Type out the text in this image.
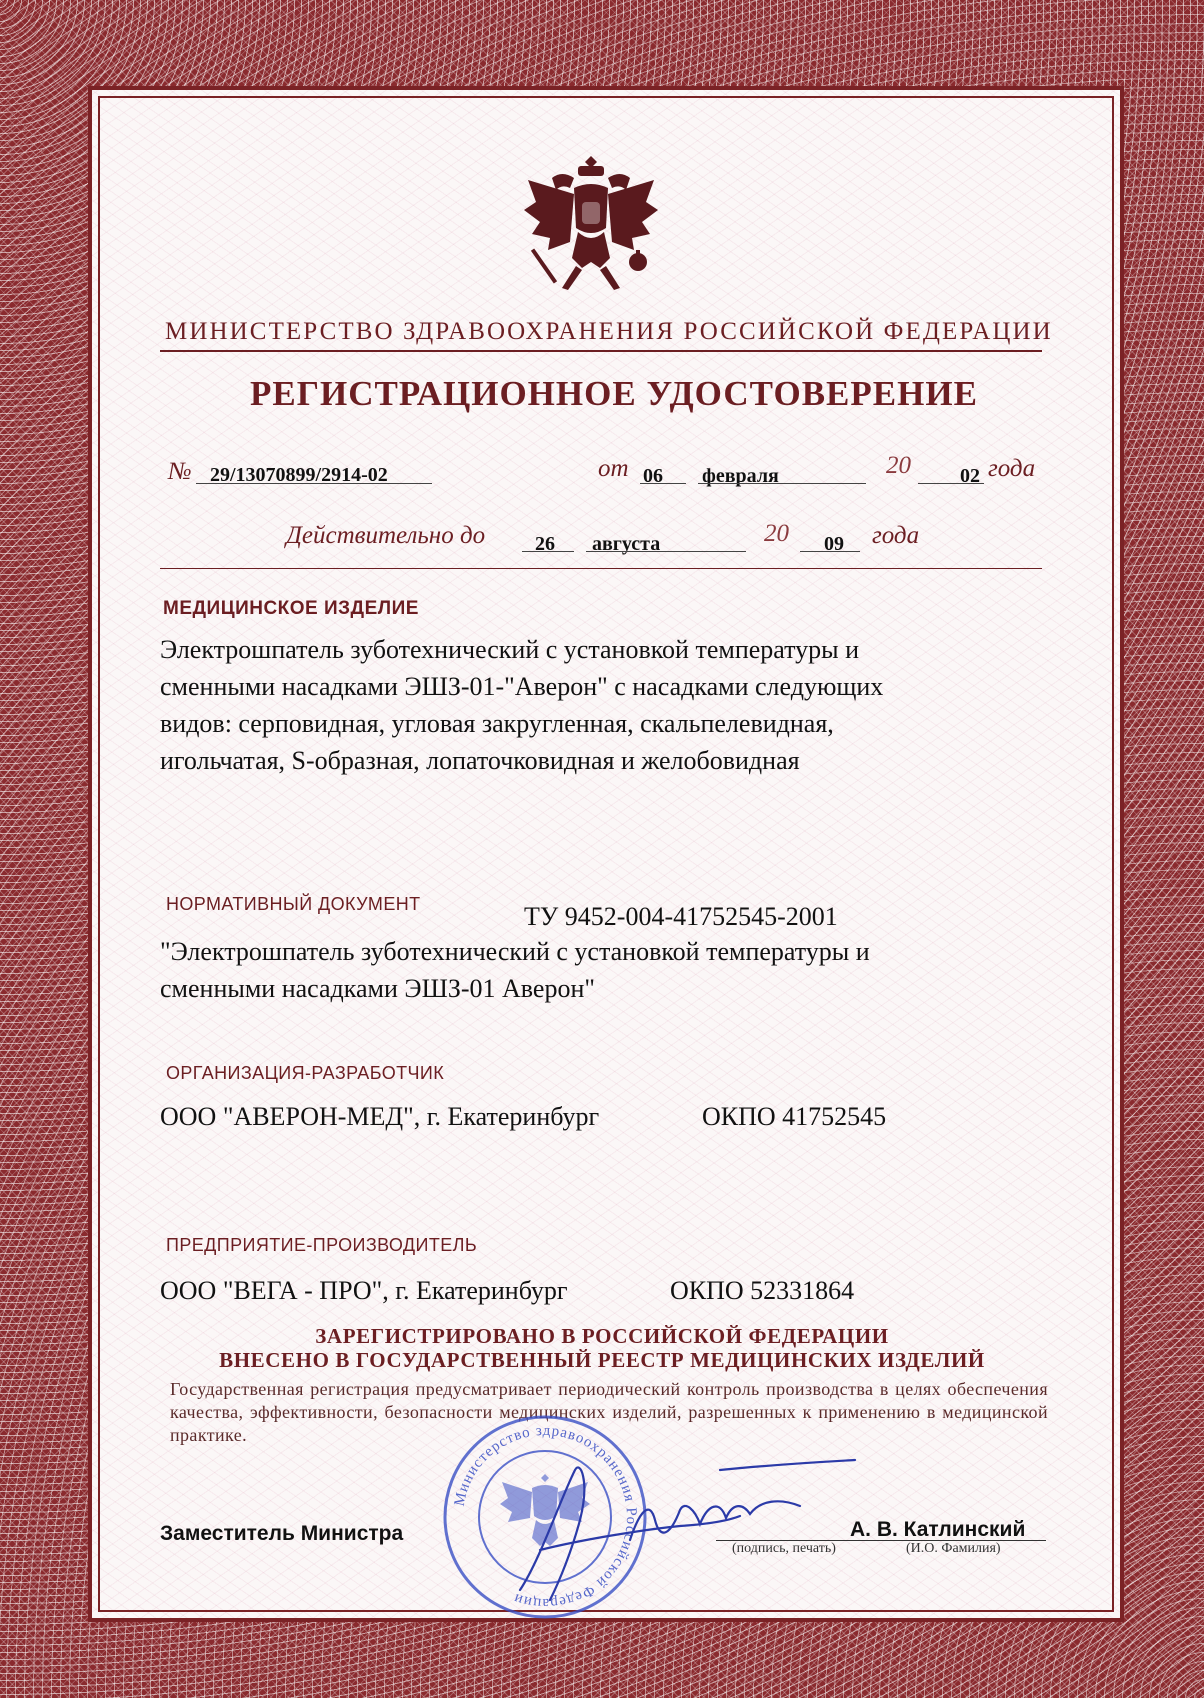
МИНИСТЕРСТВО ЗДРАВООХРАНЕНИЯ РОССИЙСКОЙ ФЕДЕРАЦИИ
РЕГИСТРАЦИОННОЕ УДОСТОВЕРЕНИЕ
№ 29/13070899/2914-02	от 06 февраля	20 02 года
Действительно до 26 августа	20 09 года
МЕДИЦИНСКОЕ ИЗДЕЛИЕ
Электрошпатель зуботехнический с установкой температуры и
сменными насадками ЭШЗ-01-"Аверон" с насадками следующих
видов: серповидная, угловая закругленная, скальпелевидная,
игольчатая, S-образная, лопаточковидная и желобовидная
НОРМАТИВНЫЙ ДОКУМЕНТ	ТУ 9452-004-41752545-2001
"Электрошпатель зуботехнический с установкой температуры и
сменными насадками ЭШЗ-01 Аверон"
ОРГАНИЗАЦИЯ-РАЗРАБОТЧИК
ООО "АВЕРОН-МЕД", г. Екатеринбург	ОКПО 41752545
ПРЕДПРИЯТИЕ-ПРОИЗВОДИТЕЛЬ
ООО "ВЕГА - ПРО", г. Екатеринбург	ОКПО 52331864
ЗАРЕГИСТРИРОВАНО В РОССИЙСКОЙ ФЕДЕРАЦИИ
ВНЕСЕНО В ГОСУДАРСТВЕННЫЙ РЕЕСТР МЕДИЦИНСКИХ ИЗДЕЛИЙ
Государственная регистрация предусматривает периодический контроль производства в целях обеспечения качества, эффективности, безопасности медицинских изделий, разрешенных к применению в медицинской практике.
Министерство здравоохранения Российской Федерации
Заместитель Министра	А. В. Катлинский
(подпись, печать)	(И.О. Фамилия)
